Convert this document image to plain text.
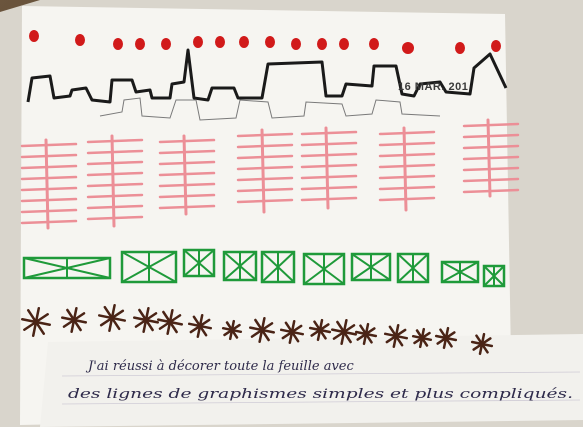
16 MAR. 201
J'ai réussi à décorer toute la feuille avec
des lignes de graphismes simples et plus compliqués.
